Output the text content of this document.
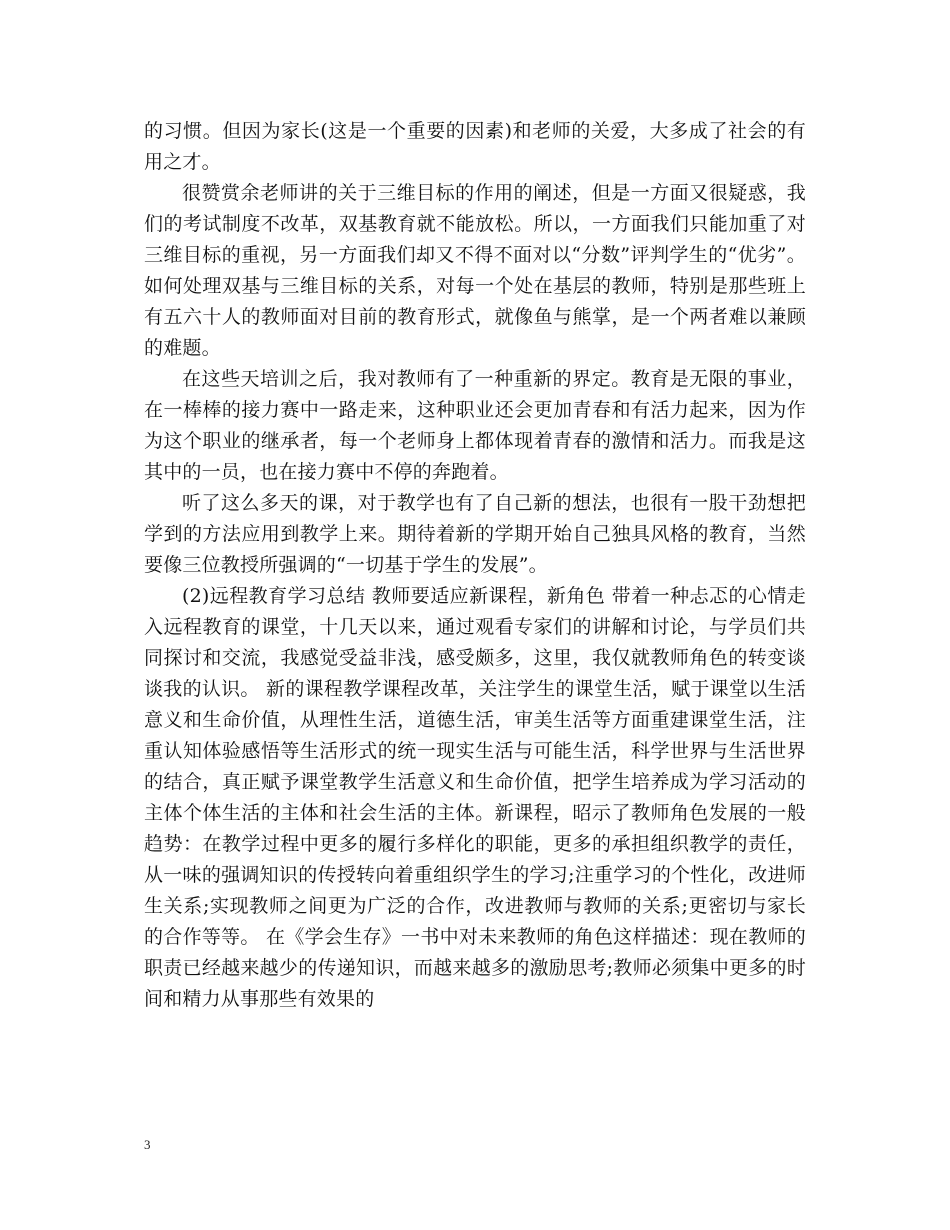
的习惯。但因为家长(这是一个重要的因素)和老师的关爱，大多成了社会的有用之才。

很赞赏余老师讲的关于三维目标的作用的阐述，但是一方面又很疑惑，我们的考试制度不改革，双基教育就不能放松。所以，一方面我们只能加重了对三维目标的重视，另一方面我们却又不得不面对以“分数”评判学生的“优劣”。如何处理双基与三维目标的关系，对每一个处在基层的教师，特别是那些班上有五六十人的教师面对目前的教育形式，就像鱼与熊掌，是一个两者难以兼顾的难题。

在这些天培训之后，我对教师有了一种重新的界定。教育是无限的事业，在一棒棒的接力赛中一路走来，这种职业还会更加青春和有活力起来，因为作为这个职业的继承者，每一个老师身上都体现着青春的激情和活力。而我是这其中的一员，也在接力赛中不停的奔跑着。

听了这么多天的课，对于教学也有了自己新的想法，也很有一股干劲想把学到的方法应用到教学上来。期待着新的学期开始自己独具风格的教育，当然要像三位教授所强调的“一切基于学生的发展”。

(2)远程教育学习总结 教师要适应新课程，新角色 带着一种忐忑的心情走入远程教育的课堂，十几天以来，通过观看专家们的讲解和讨论，与学员们共同探讨和交流，我感觉受益非浅，感受颇多，这里，我仅就教师角色的转变谈谈我的认识。 新的课程教学课程改革，关注学生的课堂生活，赋于课堂以生活意义和生命价值，从理性生活，道德生活，审美生活等方面重建课堂生活，注重认知体验感悟等生活形式的统一现实生活与可能生活，科学世界与生活世界的结合，真正赋予课堂教学生活意义和生命价值，把学生培养成为学习活动的主体个体生活的主体和社会生活的主体。新课程，昭示了教师角色发展的一般趋势：在教学过程中更多的履行多样化的职能，更多的承担组织教学的责任，从一味的强调知识的传授转向着重组织学生的学习;注重学习的个性化，改进师生关系;实现教师之间更为广泛的合作，改进教师与教师的关系;更密切与家长的合作等等。 在《学会生存》一书中对未来教师的角色这样描述：现在教师的职责已经越来越少的传递知识，而越来越多的激励思考;教师必须集中更多的时间和精力从事那些有效果的

3
